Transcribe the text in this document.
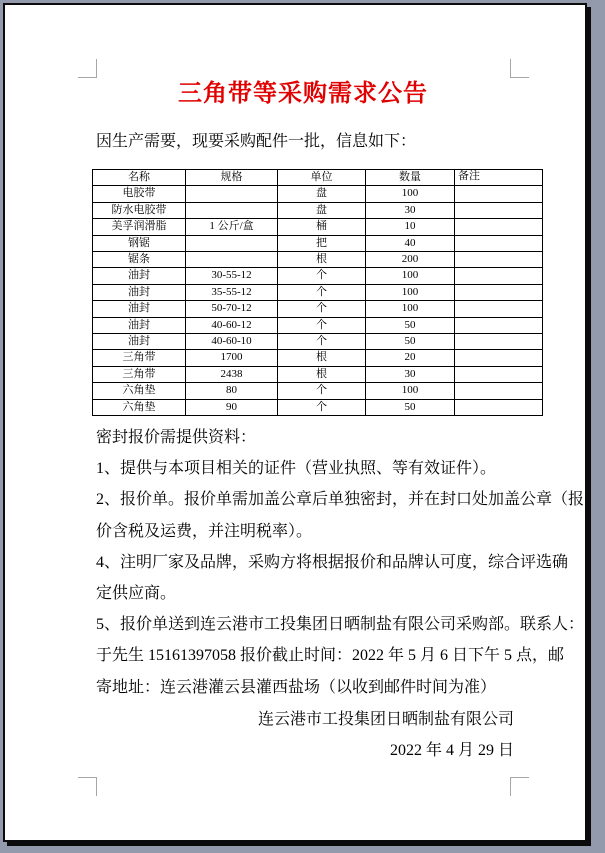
三角带等采购需求公告
因生产需要，现要采购配件一批，信息如下：
名称	规格	单位	数量	备注
电胶带		盘	100	
防水电胶带		盘	30	
美孚润滑脂	1 公斤/盒	桶	10	
钢锯		把	40	
锯条		根	200	
油封	30-55-12	个	100	
油封	35-55-12	个	100	
油封	50-70-12	个	100	
油封	40-60-12	个	50	
油封	40-60-10	个	50	
三角带	1700	根	20	
三角带	2438	根	30	
六角垫	80	个	100	
六角垫	90	个	50	
密封报价需提供资料：
1、提供与本项目相关的证件（营业执照、等有效证件）。
2、报价单。报价单需加盖公章后单独密封，并在封口处加盖公章（报
价含税及运费，并注明税率）。
4、注明厂家及品牌，采购方将根据报价和品牌认可度，综合评选确
定供应商。
5、报价单送到连云港市工投集团日晒制盐有限公司采购部。联系人：
于先生 15161397058 报价截止时间：2022 年 5 月 6 日下午 5 点，邮
寄地址：连云港灌云县灌西盐场（以收到邮件时间为准）
连云港市工投集团日晒制盐有限公司
2022 年 4 月 29 日
